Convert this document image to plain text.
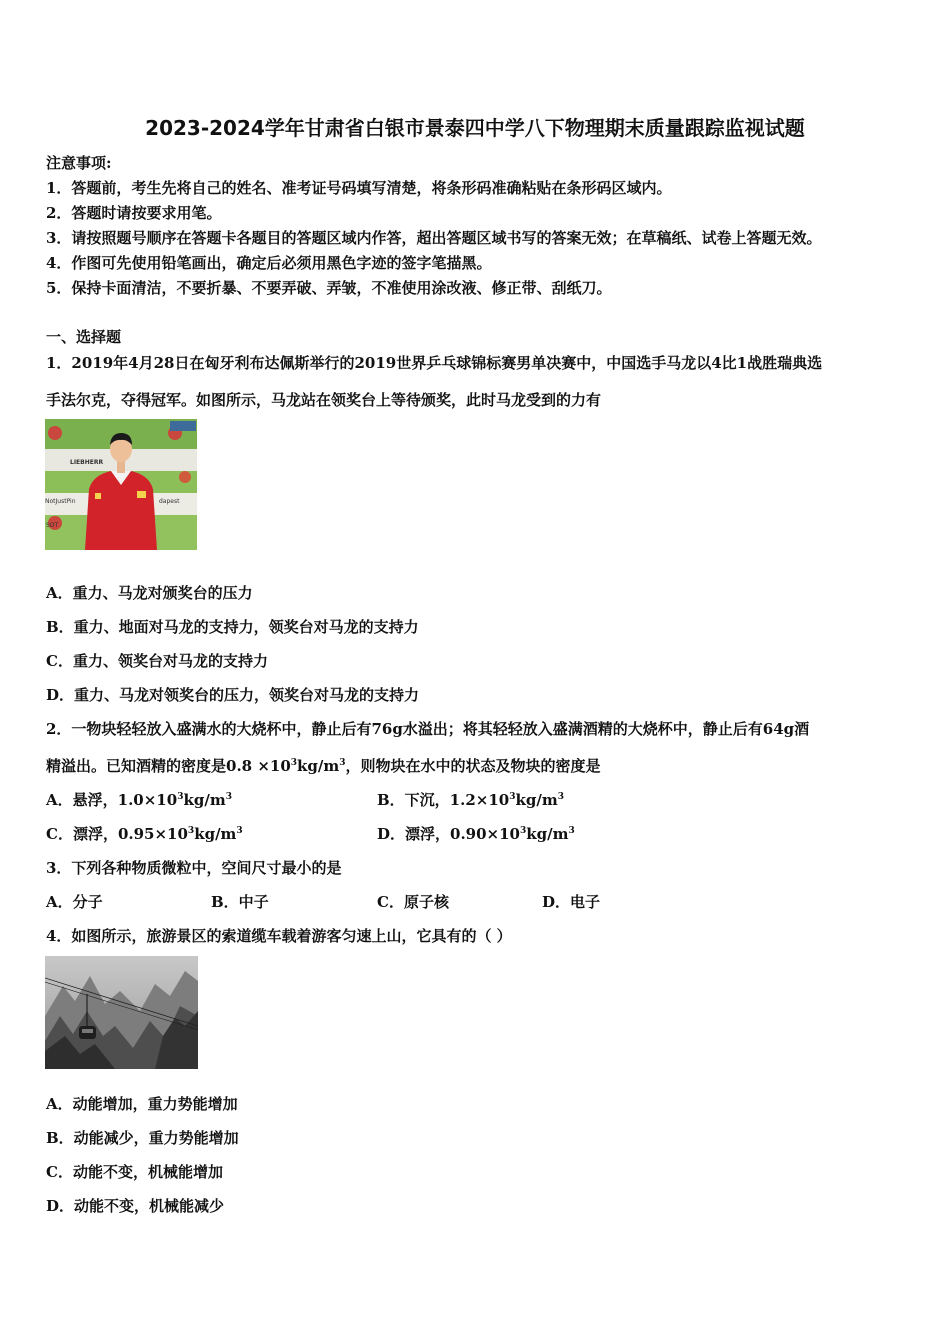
2023-2024学年甘肃省白银市景泰四中学八下物理期末质量跟踪监视试题
注意事项:
1．答题前，考生先将自己的姓名、准考证号码填写清楚，将条形码准确粘贴在条形码区域内。
2．答题时请按要求用笔。
3．请按照题号顺序在答题卡各题目的答题区域内作答，超出答题区域书写的答案无效；在草稿纸、试卷上答题无效。
4．作图可先使用铅笔画出，确定后必须用黑色字迹的签字笔描黑。
5．保持卡面清洁，不要折暴、不要弄破、弄皱，不准使用涂改液、修正带、刮纸刀。
一、选择题
1．2019年4月28日在匈牙利布达佩斯举行的2019世界乒乓球锦标赛男单决赛中，中国选手马龙以4比1战胜瑞典选
手法尔克，夺得冠军。如图所示，马龙站在领奖台上等待颁奖，此时马龙受到的力有
LIEBHERR
NotJustPin	dapest
SOT
A．重力、马龙对颁奖台的压力
B．重力、地面对马龙的支持力，领奖台对马龙的支持力
C．重力、领奖台对马龙的支持力
D．重力、马龙对领奖台的压力，领奖台对马龙的支持力
2．一物块轻轻放入盛满水的大烧杯中，静止后有76g水溢出；将其轻轻放入盛满酒精的大烧杯中，静止后有64g酒
精溢出。已知酒精的密度是$0.8 \times 10^3kg/m^3$，则物块在水中的状态及物块的密度是
A．悬浮，$1.0\times 10^3kg/m^3$	B．下沉，$1.2\times 10^3kg/m^3$
C．漂浮，$0.95\times 10^3kg/m^3$	D．漂浮，$0.90\times 10^3kg/m^3$
3．下列各种物质微粒中，空间尺寸最小的是
A．分子	B．中子	C．原子核	D．电子
4．如图所示，旅游景区的索道缆车载着游客匀速上山，它具有的（ ）
A．动能增加，重力势能增加
B．动能减少，重力势能增加
C．动能不变，机械能增加
D．动能不变，机械能减少
